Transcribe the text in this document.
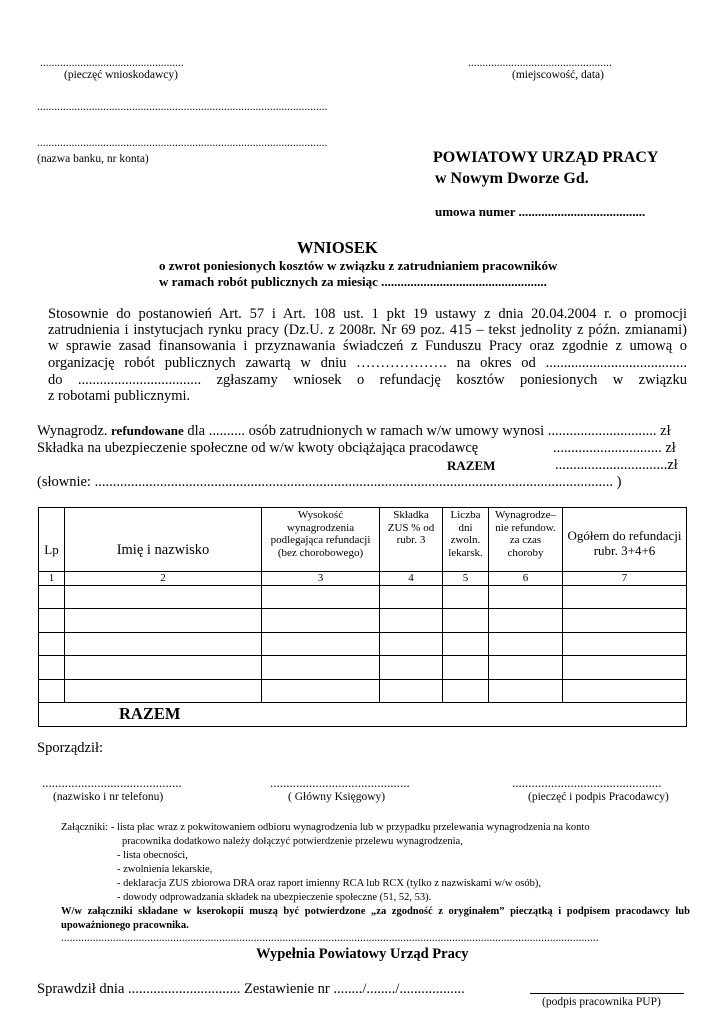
..................................................
(pieczęć wnioskodawcy)
..................................................
(miejscowość, data)
.....................................................................................................
.....................................................................................................
(nazwa banku, nr konta)	POWIATOWY URZĄD PRACY
w Nowym Dworze Gd.
umowa numer .......................................
WNIOSEK
o zwrot poniesionych kosztów w związku z zatrudnianiem pracowników
w ramach robót publicznych za miesiąc ...................................................
Stosownie do postanowień Art. 57 i Art. 108 ust. 1 pkt 19 ustawy z dnia 20.04.2004 r. o promocji
zatrudnienia i instytucjach rynku pracy (Dz.U. z 2008r. Nr 69 poz. 415 – tekst jednolity z późn. zmianami)
w sprawie zasad finansowania i przyznawania świadczeń z Funduszu Pracy oraz zgodnie z umową o
organizację robót publicznych zawartą w dniu ………………. na okres od .......................................
do .................................. zgłaszamy wniosek o refundację kosztów poniesionych w związku
z robotami publicznymi.
Wynagrodz. refundowane dla .......... osób zatrudnionych w ramach w/w umowy wynosi .............................. zł
Składka na ubezpieczenie społeczne od w/w kwoty obciążająca pracodawcę	.............................. zł
RAZEM	...............................zł
(słownie: ............................................................................................................................................... )
Lp	Imię i nazwisko	Wysokość wynagrodzenia podlegająca refundacji (bez chorobowego)	Składka ZUS % od rubr. 3	Liczba dni zwoln. lekarsk.	Wynagrodze– nie refundow. za czas choroby	Ogółem do refundacji rubr. 3+4+6
1	2	3	4	5	6	7

RAZEM						
Sporządził:
...........................................	...........................................	..............................................
(nazwisko i nr telefonu)	( Główny Księgowy)	(pieczęć i podpis Pracodawcy)
Załączniki: - lista płac wraz z pokwitowaniem odbioru wynagrodzenia lub w przypadku przelewania wynagrodzenia na konto
pracownika dodatkowo należy dołączyć potwierdzenie przelewu wynagrodzenia,
- lista obecności,
- zwolnienia lekarskie,
- deklaracja ZUS zbiorowa DRA oraz raport imienny RCA lub RCX (tylko z nazwiskami w/w osób),
- dowody odprowadzania składek na ubezpieczenie społeczne (51, 52, 53).
W/w załączniki składane w kserokopii muszą być potwierdzone „za zgodność z oryginałem” pieczątką i podpisem pracodawcy lub
upoważnionego pracownika.
...........................................................................................................................................................................................
Wypełnia Powiatowy Urząd Pracy
Sprawdził dnia ............................... Zestawienie nr ......../......../..................
(podpis pracownika PUP)
